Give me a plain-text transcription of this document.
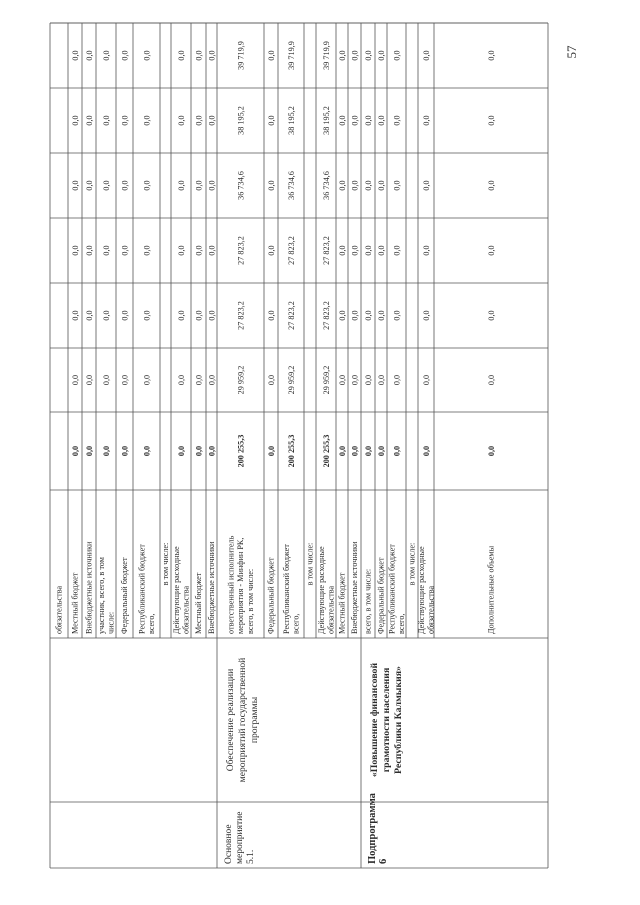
обязательства Местный бюджет
0,0
0,0
0,0
0,0
0,0
0,0
0,0
Внебюджетные источники
0,0
0,0
0,0
0,0
0,0
0,0
0,0
участник, всего, в том числе:
0,0
0,0
0,0
0,0
0,0
0,0
0,0
Федеральный бюджет
0,0
0,0
0,0
0,0
0,0
0,0
0,0
Республиканский бюджет всего,
0,0
0,0
0,0
0,0
0,0
0,0
0,0
в том числе: Действующие расходные обязательства
0,0
0,0
0,0
0,0
0,0
0,0
0,0
Местный бюджет
0,0
0,0
0,0
0,0
0,0
0,0
0,0
Внебюджетные источники
0,0
0,0
0,0
0,0
0,0
0,0
0,0
ответственный исполнитель мероприятия - Минфин РК, всего, в том числе:
200 255,3
29 959,2
27 823,2
27 823,2
36 734,6
38 195,2
39 719,9
Федеральный бюджет
0,0
0,0
0,0
0,0
0,0
0,0
0,0
Республиканский бюджет всего,
200 255,3
29 959,2
27 823,2
27 823,2
36 734,6
38 195,2
39 719,9
в том числе: Действующие расходные обязательства
200 255,3
29 959,2
27 823,2
27 823,2
36 734,6
38 195,2
39 719,9
Местный бюджет
0,0
0,0
0,0
0,0
0,0
0,0
0,0
Внебюджетные источники
0,0
0,0
0,0
0,0
0,0
0,0
0,0
всего, в том числе:
0,0
0,0
0,0
0,0
0,0
0,0
0,0
Федеральный бюджет
0,0
0,0
0,0
0,0
0,0
0,0
0,0
Республиканский бюджет всего,
0,0
0,0
0,0
0,0
0,0
0,0
0,0
в том числе: Действующие расходные обязательства
0,0
0,0
0,0
0,0
0,0
0,0
0,0
Дополнительные объемы
0,0
0,0
0,0
0,0
0,0
0,0
0,0
Основное мероприятие 5.1.
Обеспечение реализации мероприятий государственной программы
Подпрограмма 6
«Повышение финансовой грамотности населения Республики Калмыкия»
57
